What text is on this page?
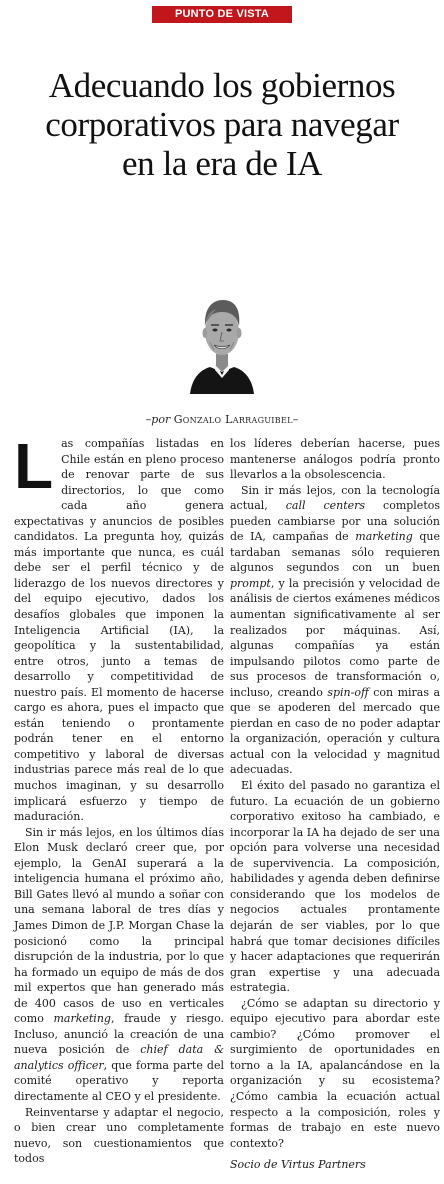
PUNTO DE VISTA
Adecuando los gobiernos
corporativos para navegar
en la era de IA
–por Gonzalo Larraguibel–

Las compañías listadas en Chile están en pleno proceso de renovar parte de sus directorios, lo que como cada año genera expectativas y anuncios de posibles candidatos. La pregunta hoy, quizás más importante que nunca, es cuál debe ser el perfil técnico y de liderazgo de los nuevos directores y del equipo ejecutivo, dados los desafíos globales que imponen la Inteligencia Artificial (IA), la geopolítica y la sustentabilidad, entre otros, junto a temas de desarrollo y competitividad de nuestro país. El momento de hacerse cargo es ahora, pues el impacto que están teniendo o prontamente podrán tener en el entorno competitivo y laboral de diversas industrias parece más real de lo que muchos imaginan, y su desarrollo implicará esfuerzo y tiempo de maduración.

Sin ir más lejos, en los últimos días Elon Musk declaró creer que, por ejemplo, la GenAI superará a la inteligencia humana el próximo año, Bill Gates llevó al mundo a soñar con una semana laboral de tres días y James Dimon de J.P. Morgan Chase la posicionó como la principal disrupción de la industria, por lo que ha formado un equipo de más de dos mil expertos que han generado más de 400 casos de uso en verticales como marketing, fraude y riesgo. Incluso, anunció la creación de una nueva posición de chief data & analytics officer, que forma parte del comité operativo y reporta directamente al CEO y el presidente.

Reinventarse y adaptar el negocio, o bien crear uno completamente nuevo, son cuestionamientos que todos

los líderes deberían hacerse, pues mantenerse análogos podría pronto llevarlos a la obsolescencia.

Sin ir más lejos, con la tecnología actual, call centers completos pueden cambiarse por una solución de IA, campañas de marketing que tardaban semanas sólo requieren algunos segundos con un buen prompt, y la precisión y velocidad de análisis de ciertos exámenes médicos aumentan significativamente al ser realizados por máquinas. Así, algunas compañías ya están impulsando pilotos como parte de sus procesos de transformación o, incluso, creando spin-off con miras a que se apoderen del mercado que pierdan en caso de no poder adaptar la organización, operación y cultura actual con la velocidad y magnitud adecuadas.

El éxito del pasado no garantiza el futuro. La ecuación de un gobierno corporativo exitoso ha cambiado, e incorporar la IA ha dejado de ser una opción para volverse una necesidad de supervivencia. La composición, habilidades y agenda deben definirse considerando que los modelos de negocios actuales prontamente dejarán de ser viables, por lo que habrá que tomar decisiones difíciles y hacer adaptaciones que requerirán gran expertise y una adecuada estrategia.

¿Cómo se adaptan su directorio y equipo ejecutivo para abordar este cambio? ¿Cómo promover el surgimiento de oportunidades en torno a la IA, apalancándose en la organización y su ecosistema? ¿Cómo cambia la ecuación actual respecto a la composición, roles y formas de trabajo en este nuevo contexto?

Socio de Virtus Partners
